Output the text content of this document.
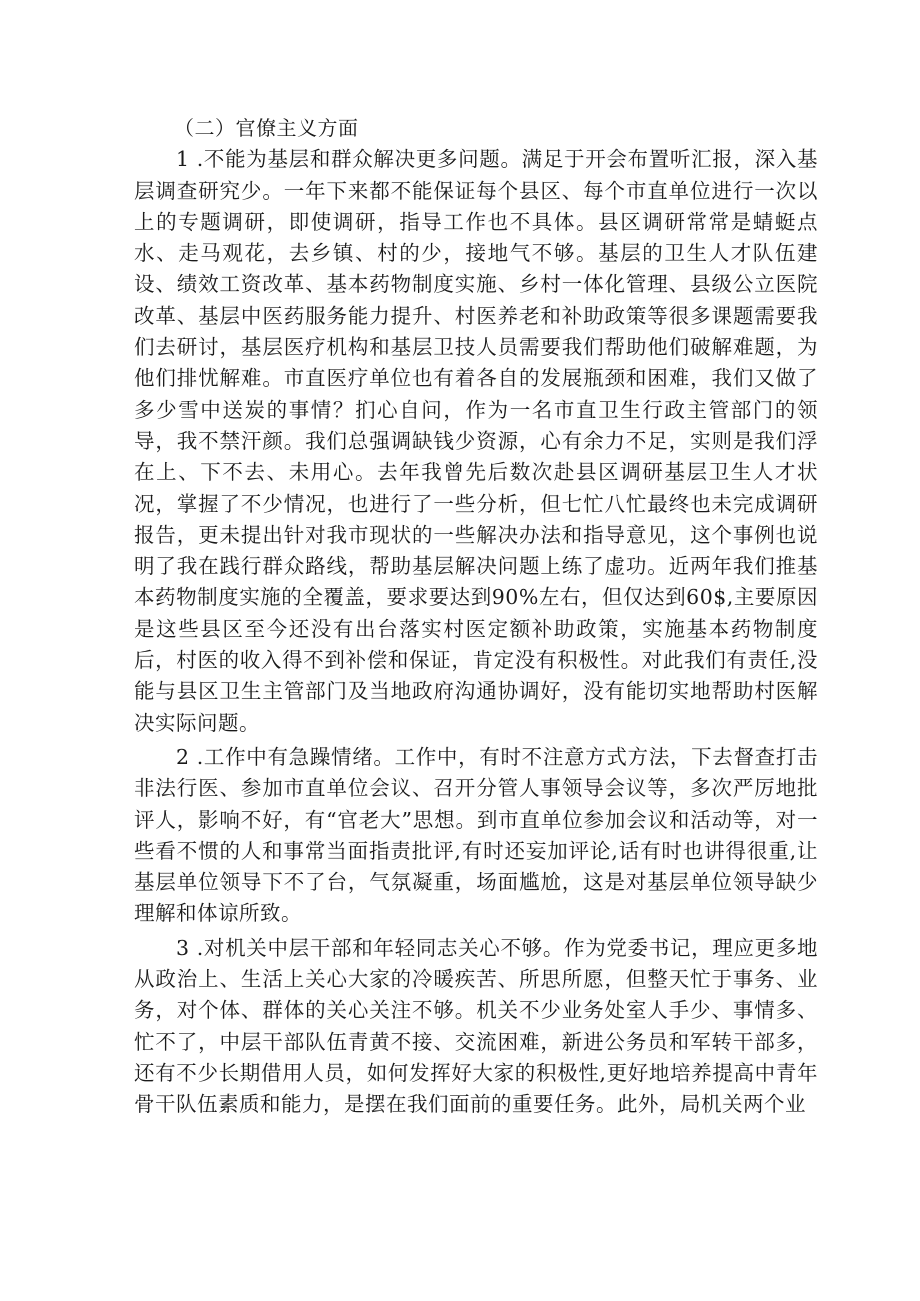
（二）官僚主义方面

1 .不能为基层和群众解决更多问题。满足于开会布置听汇报，深入基层调查研究少。一年下来都不能保证每个县区、每个市直单位进行一次以上的专题调研，即使调研，指导工作也不具体。县区调研常常是蜻蜓点水、走马观花，去乡镇、村的少，接地气不够。基层的卫生人才队伍建设、绩效工资改革、基本药物制度实施、乡村一体化管理、县级公立医院改革、基层中医药服务能力提升、村医养老和补助政策等很多课题需要我们去研讨，基层医疗机构和基层卫技人员需要我们帮助他们破解难题，为他们排忧解难。市直医疗单位也有着各自的发展瓶颈和困难，我们又做了多少雪中送炭的事情？扪心自问，作为一名市直卫生行政主管部门的领导，我不禁汗颜。我们总强调缺钱少资源，心有余力不足，实则是我们浮在上、下不去、未用心。去年我曾先后数次赴县区调研基层卫生人才状况，掌握了不少情况，也进行了一些分析，但七忙八忙最终也未完成调研报告，更未提出针对我市现状的一些解决办法和指导意见，这个事例也说明了我在践行群众路线，帮助基层解决问题上练了虚功。近两年我们推基本药物制度实施的全覆盖，要求要达到90%左右，但仅达到60$,主要原因是这些县区至今还没有出台落实村医定额补助政策，实施基本药物制度后，村医的收入得不到补偿和保证，肯定没有积极性。对此我们有责任,没能与县区卫生主管部门及当地政府沟通协调好，没有能切实地帮助村医解决实际问题。

2 .工作中有急躁情绪。工作中，有时不注意方式方法，下去督查打击非法行医、参加市直单位会议、召开分管人事领导会议等，多次严厉地批评人，影响不好，有“官老大”思想。到市直单位参加会议和活动等，对一些看不惯的人和事常当面指责批评,有时还妄加评论,话有时也讲得很重,让基层单位领导下不了台，气氛凝重，场面尴尬，这是对基层单位领导缺少理解和体谅所致。

3 .对机关中层干部和年轻同志关心不够。作为党委书记，理应更多地从政治上、生活上关心大家的冷暖疾苦、所思所愿，但整天忙于事务、业务，对个体、群体的关心关注不够。机关不少业务处室人手少、事情多、忙不了，中层干部队伍青黄不接、交流困难，新进公务员和军转干部多，还有不少长期借用人员，如何发挥好大家的积极性,更好地培养提高中青年骨干队伍素质和能力，是摆在我们面前的重要任务。此外，局机关两个业
